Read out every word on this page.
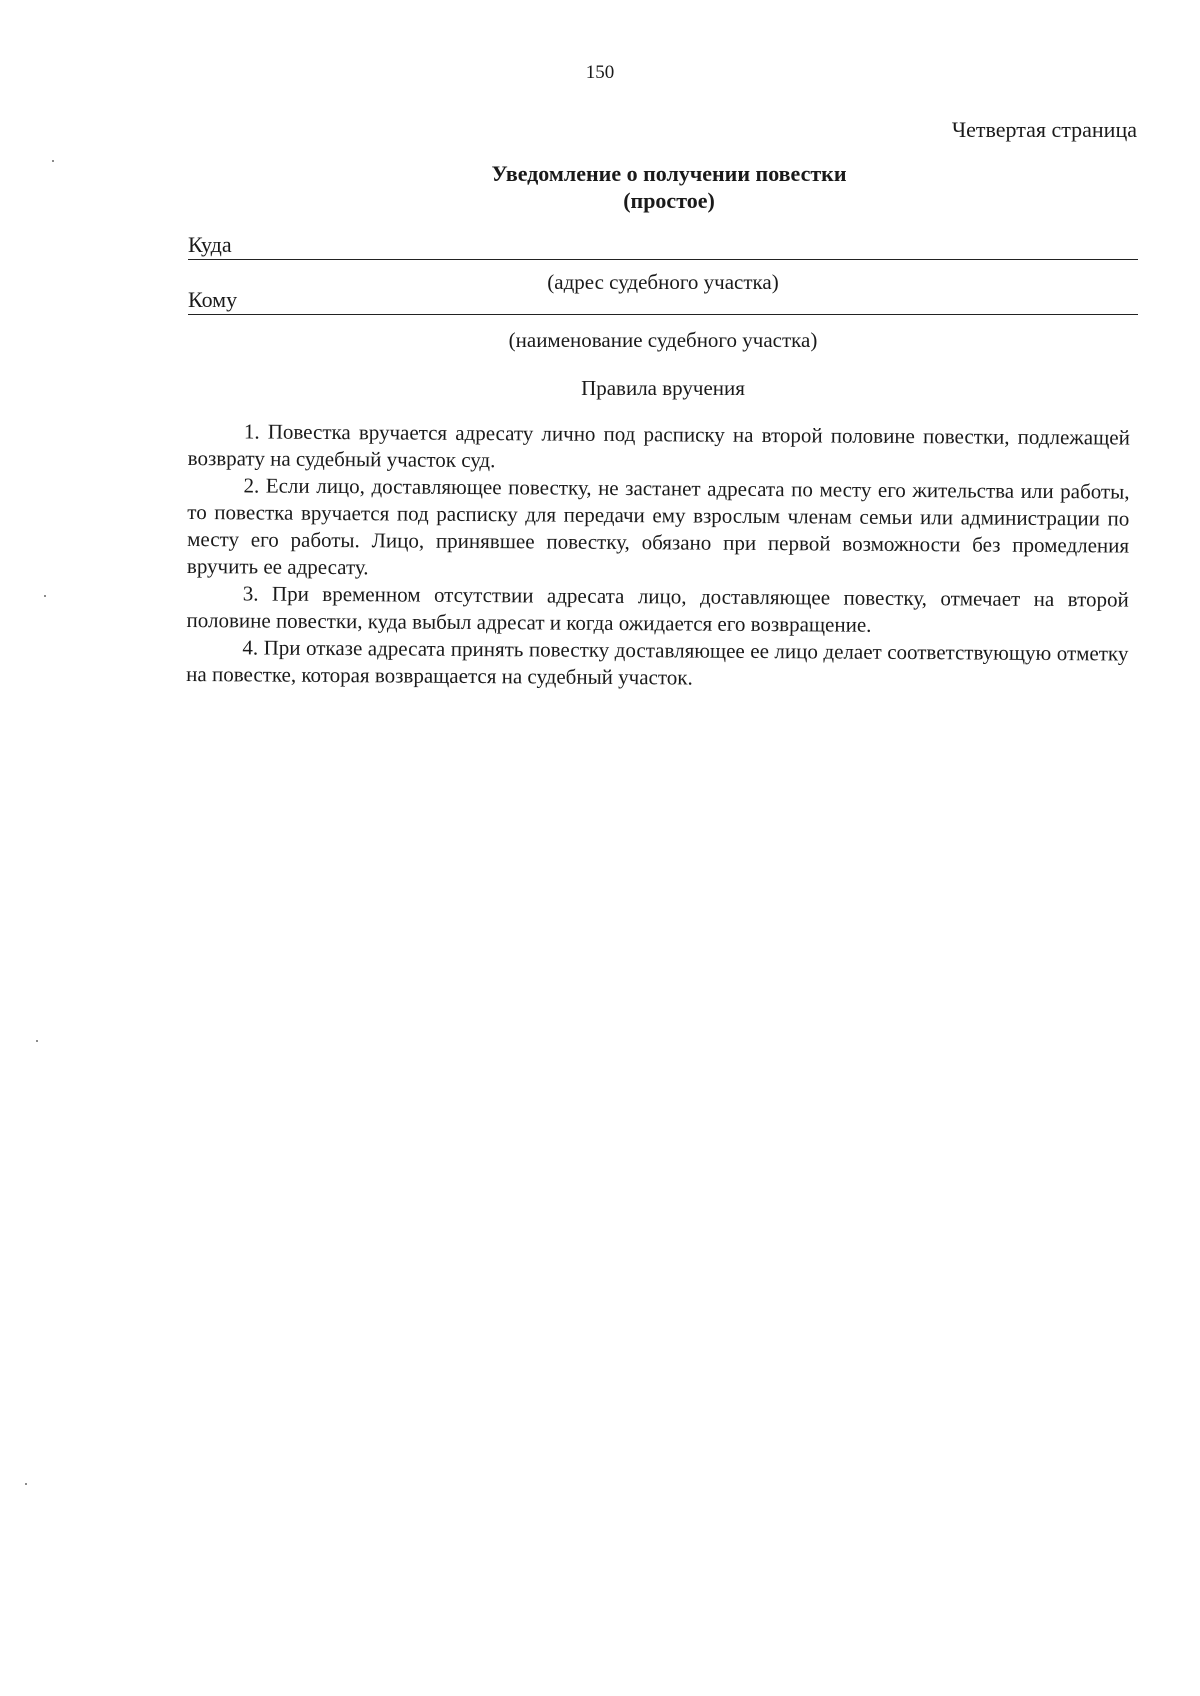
150
Четвертая страница
Уведомление о получении повестки
(простое)
Куда
(адрес судебного участка)
Кому
(наименование судебного участка)
Правила вручения

1. Повестка вручается адресату лично под расписку на второй половине повестки, подлежащей возврату на судебный участок суд.

2. Если лицо, доставляющее повестку, не застанет адресата по месту его жительства или работы, то повестка вручается под расписку для передачи ему взрослым членам семьи или администрации по месту его работы. Лицо, принявшее повестку, обязано при первой возможности без промедления вручить ее адресату.

3. При временном отсутствии адресата лицо, доставляющее повестку, отмечает на второй половине повестки, куда выбыл адресат и когда ожидается его возвращение.

4. При отказе адресата принять повестку доставляющее ее лицо делает соответствующую отметку на повестке, которая возвращается на судебный участок.
